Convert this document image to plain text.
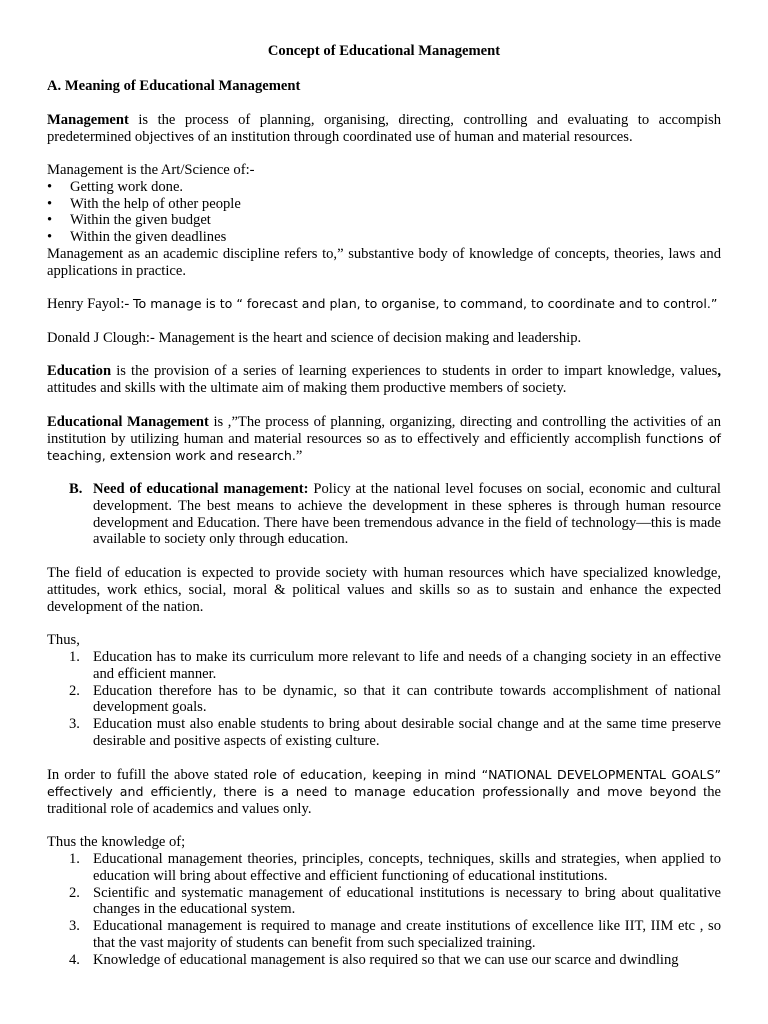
Concept of Educational Management
A. Meaning of Educational Management

Management is the process of planning, organising, directing, controlling and evaluating to accompish predetermined objectives of an institution through coordinated use of human and material resources.

Management is the Art/Science of:-
•	Getting work done.
•	With the help of other people
•	Within the given budget
•	Within the given deadlines

Management as an academic discipline refers to,” substantive body of knowledge of concepts, theories, laws and applications in practice.

Henry Fayol:- To manage is to “ forecast and plan, to organise, to command, to coordinate and to control.”

Donald J Clough:- Management is the heart and science of decision making and leadership.

Education is the provision of a series of learning experiences to students in order to impart knowledge, values, attitudes and skills with the ultimate aim of making them productive members of society.

Educational Management is ,”The process of planning, organizing, directing and controlling the activities of an institution by utilizing human and material resources so as to effectively and efficiently accomplish functions of teaching, extension work and research.”

B. Need of educational management: Policy at the national level focuses on social, economic and cultural development. The best means to achieve the development in these spheres is through human resource development and Education. There have been tremendous advance in the field of technology—this is made available to society only through education.

The field of education is expected to provide society with human resources which have specialized knowledge, attitudes, work ethics, social, moral & political values and skills so as to sustain and enhance the expected development of the nation.

Thus,

1. Education has to make its curriculum more relevant to life and needs of a changing society in an effective and efficient manner.
2. Education therefore has to be dynamic, so that it can contribute towards accomplishment of national development goals.
3. Education must also enable students to bring about desirable social change and at the same time preserve desirable and positive aspects of existing culture.

In order to fufill the above stated role of education, keeping in mind “NATIONAL DEVELOPMENTAL GOALS” effectively and efficiently, there is a need to manage education professionally and move beyond the traditional role of academics and values only.

Thus the knowledge of;

1. Educational management theories, principles, concepts, techniques, skills and strategies, when applied to education will bring about effective and efficient functioning of educational institutions.
2. Scientific and systematic management of educational institutions is necessary to bring about qualitative changes in the educational system.
3. Educational management is required to manage and create institutions of excellence like IIT, IIM etc , so that the vast majority of students can benefit from such specialized training.
4. Knowledge of educational management is also required so that we can use our scarce and dwindling
